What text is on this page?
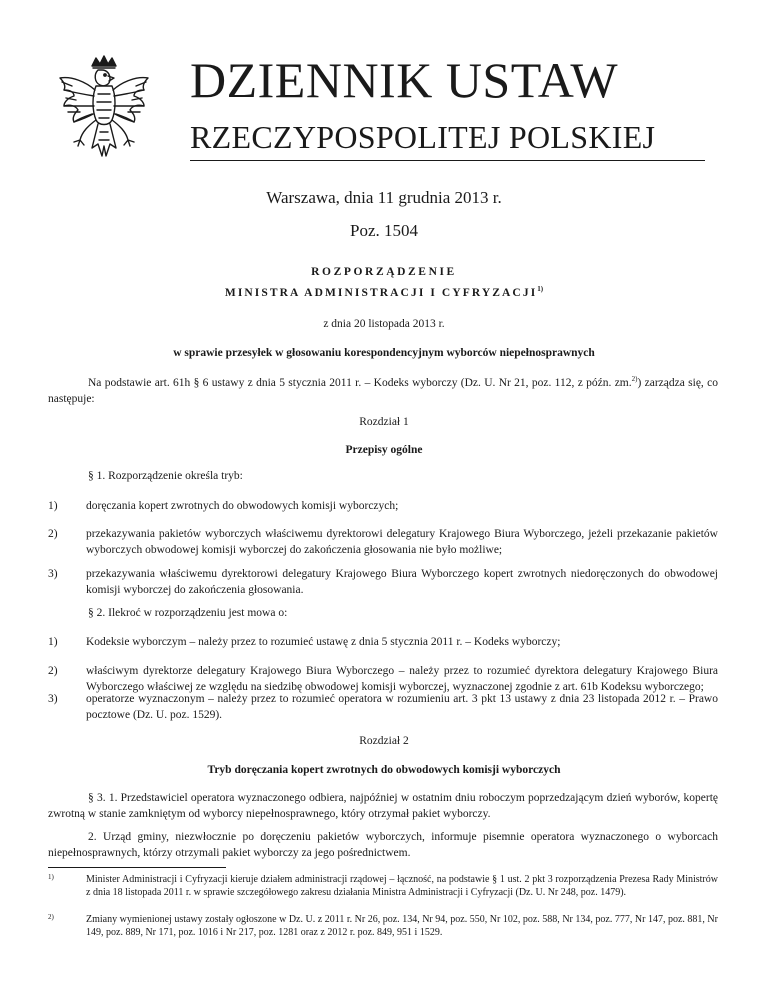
DZIENNIK USTAW
RZECZYPOSPOLITEJ POLSKIEJ
Warszawa, dnia 11 grudnia 2013 r.
Poz. 1504
ROZPORZĄDZENIE
MINISTRA ADMINISTRACJI I CYFRYZACJI$^{1)}$
z dnia 20 listopada 2013 r.
w sprawie przesyłek w głosowaniu korespondencyjnym wyborców niepełnosprawnych
Na podstawie art. 61h § 6 ustawy z dnia 5 stycznia 2011 r. – Kodeks wyborczy (Dz. U. Nr 21, poz. 112, z późn. zm.$^{2)}$) zarządza się, co następuje:
Rozdział 1
Przepisy ogólne
§ 1. Rozporządzenie określa tryb:
1) doręczania kopert zwrotnych do obwodowych komisji wyborczych;
2) przekazywania pakietów wyborczych właściwemu dyrektorowi delegatury Krajowego Biura Wyborczego, jeżeli przekazanie pakietów wyborczych obwodowej komisji wyborczej do zakończenia głosowania nie było możliwe;
3) przekazywania właściwemu dyrektorowi delegatury Krajowego Biura Wyborczego kopert zwrotnych niedoręczonych do obwodowej komisji wyborczej do zakończenia głosowania.
§ 2. Ilekroć w rozporządzeniu jest mowa o:
1) Kodeksie wyborczym – należy przez to rozumieć ustawę z dnia 5 stycznia 2011 r. – Kodeks wyborczy;
2) właściwym dyrektorze delegatury Krajowego Biura Wyborczego – należy przez to rozumieć dyrektora delegatury Krajowego Biura Wyborczego właściwej ze względu na siedzibę obwodowej komisji wyborczej, wyznaczonej zgodnie z art. 61b Kodeksu wyborczego;
3) operatorze wyznaczonym – należy przez to rozumieć operatora w rozumieniu art. 3 pkt 13 ustawy z dnia 23 listopada 2012 r. – Prawo pocztowe (Dz. U. poz. 1529).
Rozdział 2
Tryb doręczania kopert zwrotnych do obwodowych komisji wyborczych
§ 3. 1. Przedstawiciel operatora wyznaczonego odbiera, najpóźniej w ostatnim dniu roboczym poprzedzającym dzień wyborów, kopertę zwrotną w stanie zamkniętym od wyborcy niepełnosprawnego, który otrzymał pakiet wyborczy.
2. Urząd gminy, niezwłocznie po doręczeniu pakietów wyborczych, informuje pisemnie operatora wyznaczonego o wyborcach niepełnosprawnych, którzy otrzymali pakiet wyborczy za jego pośrednictwem.
1)	Minister Administracji i Cyfryzacji kieruje działem administracji rządowej – łączność, na podstawie § 1 ust. 2 pkt 3 rozporządzenia Prezesa Rady Ministrów z dnia 18 listopada 2011 r. w sprawie szczegółowego zakresu działania Ministra Administracji i Cyfryzacji (Dz. U. Nr 248, poz. 1479).
2)	Zmiany wymienionej ustawy zostały ogłoszone w Dz. U. z 2011 r. Nr 26, poz. 134, Nr 94, poz. 550, Nr 102, poz. 588, Nr 134, poz. 777, Nr 147, poz. 881, Nr 149, poz. 889, Nr 171, poz. 1016 i Nr 217, poz. 1281 oraz z 2012 r. poz. 849, 951 i 1529.
